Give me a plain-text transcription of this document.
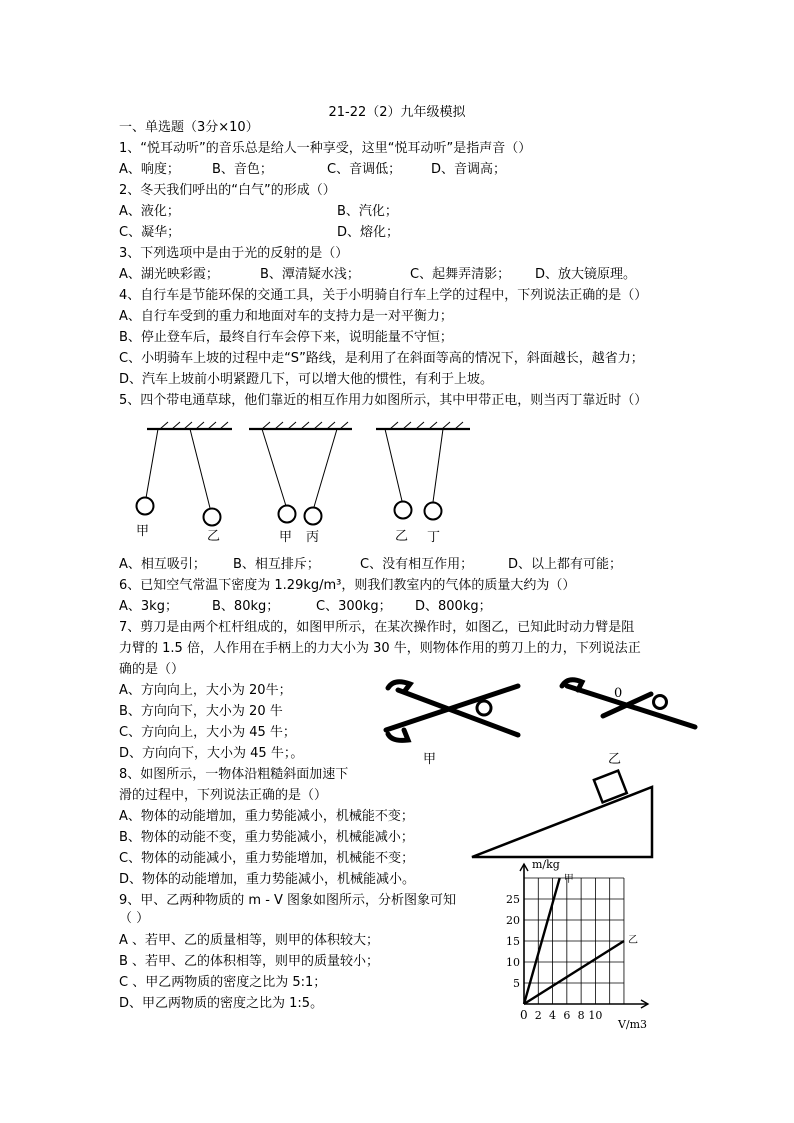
21-22（2）九年级模拟
一、单选题（3分×10）
1、“悦耳动听”的音乐总是给人一种享受，这里“悦耳动听”是指声音（）
A、响度； B、音色；	C、音调低； D、音调高；
2、冬天我们呼出的“白气”的形成（）
A、液化；	B、汽化；
C、凝华；	D、熔化；
3、下列选项中是由于光的反射的是（）
A、湖光映彩霞；	B、潭清疑水浅；	C、起舞弄清影； D、放大镜原理。
4、自行车是节能环保的交通工具，关于小明骑自行车上学的过程中，下列说法正确的是（）
A、自行车受到的重力和地面对车的支持力是一对平衡力；
B、停止登车后，最终自行车会停下来，说明能量不守恒；
C、小明骑车上坡的过程中走“S”路线，是利用了在斜面等高的情况下，斜面越长，越省力；
D、汽车上坡前小明紧蹬几下，可以增大他的惯性，有利于上坡。
5、四个带电通草球，他们靠近的相互作用力如图所示，其中甲带正电，则当丙丁靠近时（）
甲	乙	甲 丙	乙 丁
A、相互吸引； B、相互排斥；	C、没有相互作用；	D、以上都有可能；
6、已知空气常温下密度为 1.29kg/m³，则我们教室内的气体的质量大约为（）
A、3kg；	B、80kg；	C、300kg； D、800kg；
7、剪刀是由两个杠杆组成的，如图甲所示，在某次操作时，如图乙，已知此时动力臂是阻
力臂的 1.5 倍，人作用在手柄上的力大小为 30 牛，则物体作用的剪刀上的力，下列说法正
确的是（）
A、方向向上，大小为 20牛；
B、方向向下，大小为 20 牛
C、方向向上，大小为 45 牛；
D、方向向下，大小为 45 牛；。	甲
0
乙
8、如图所示，一物体沿粗糙斜面加速下
滑的过程中，下列说法正确的是（）
A、物体的动能增加，重力势能减小，机械能不变；
B、物体的动能不变，重力势能减小，机械能减小；
C、物体的动能减小，重力势能增加，机械能不变；
D、物体的动能增加，重力势能减小，机械能减小。
9、甲、乙两种物质的 m - V 图象如图所示，分析图象可知
（ ）
A 、若甲、乙的质量相等，则甲的体积较大；
B 、若甲、乙的体积相等，则甲的质量较小；
C 、甲乙两物质的密度之比为 5:1；
D、甲乙两物质的密度之比为 1:5。
甲
乙
2 4 6 8 10
5
10
15
20
25
m/kg
V/m3
0
